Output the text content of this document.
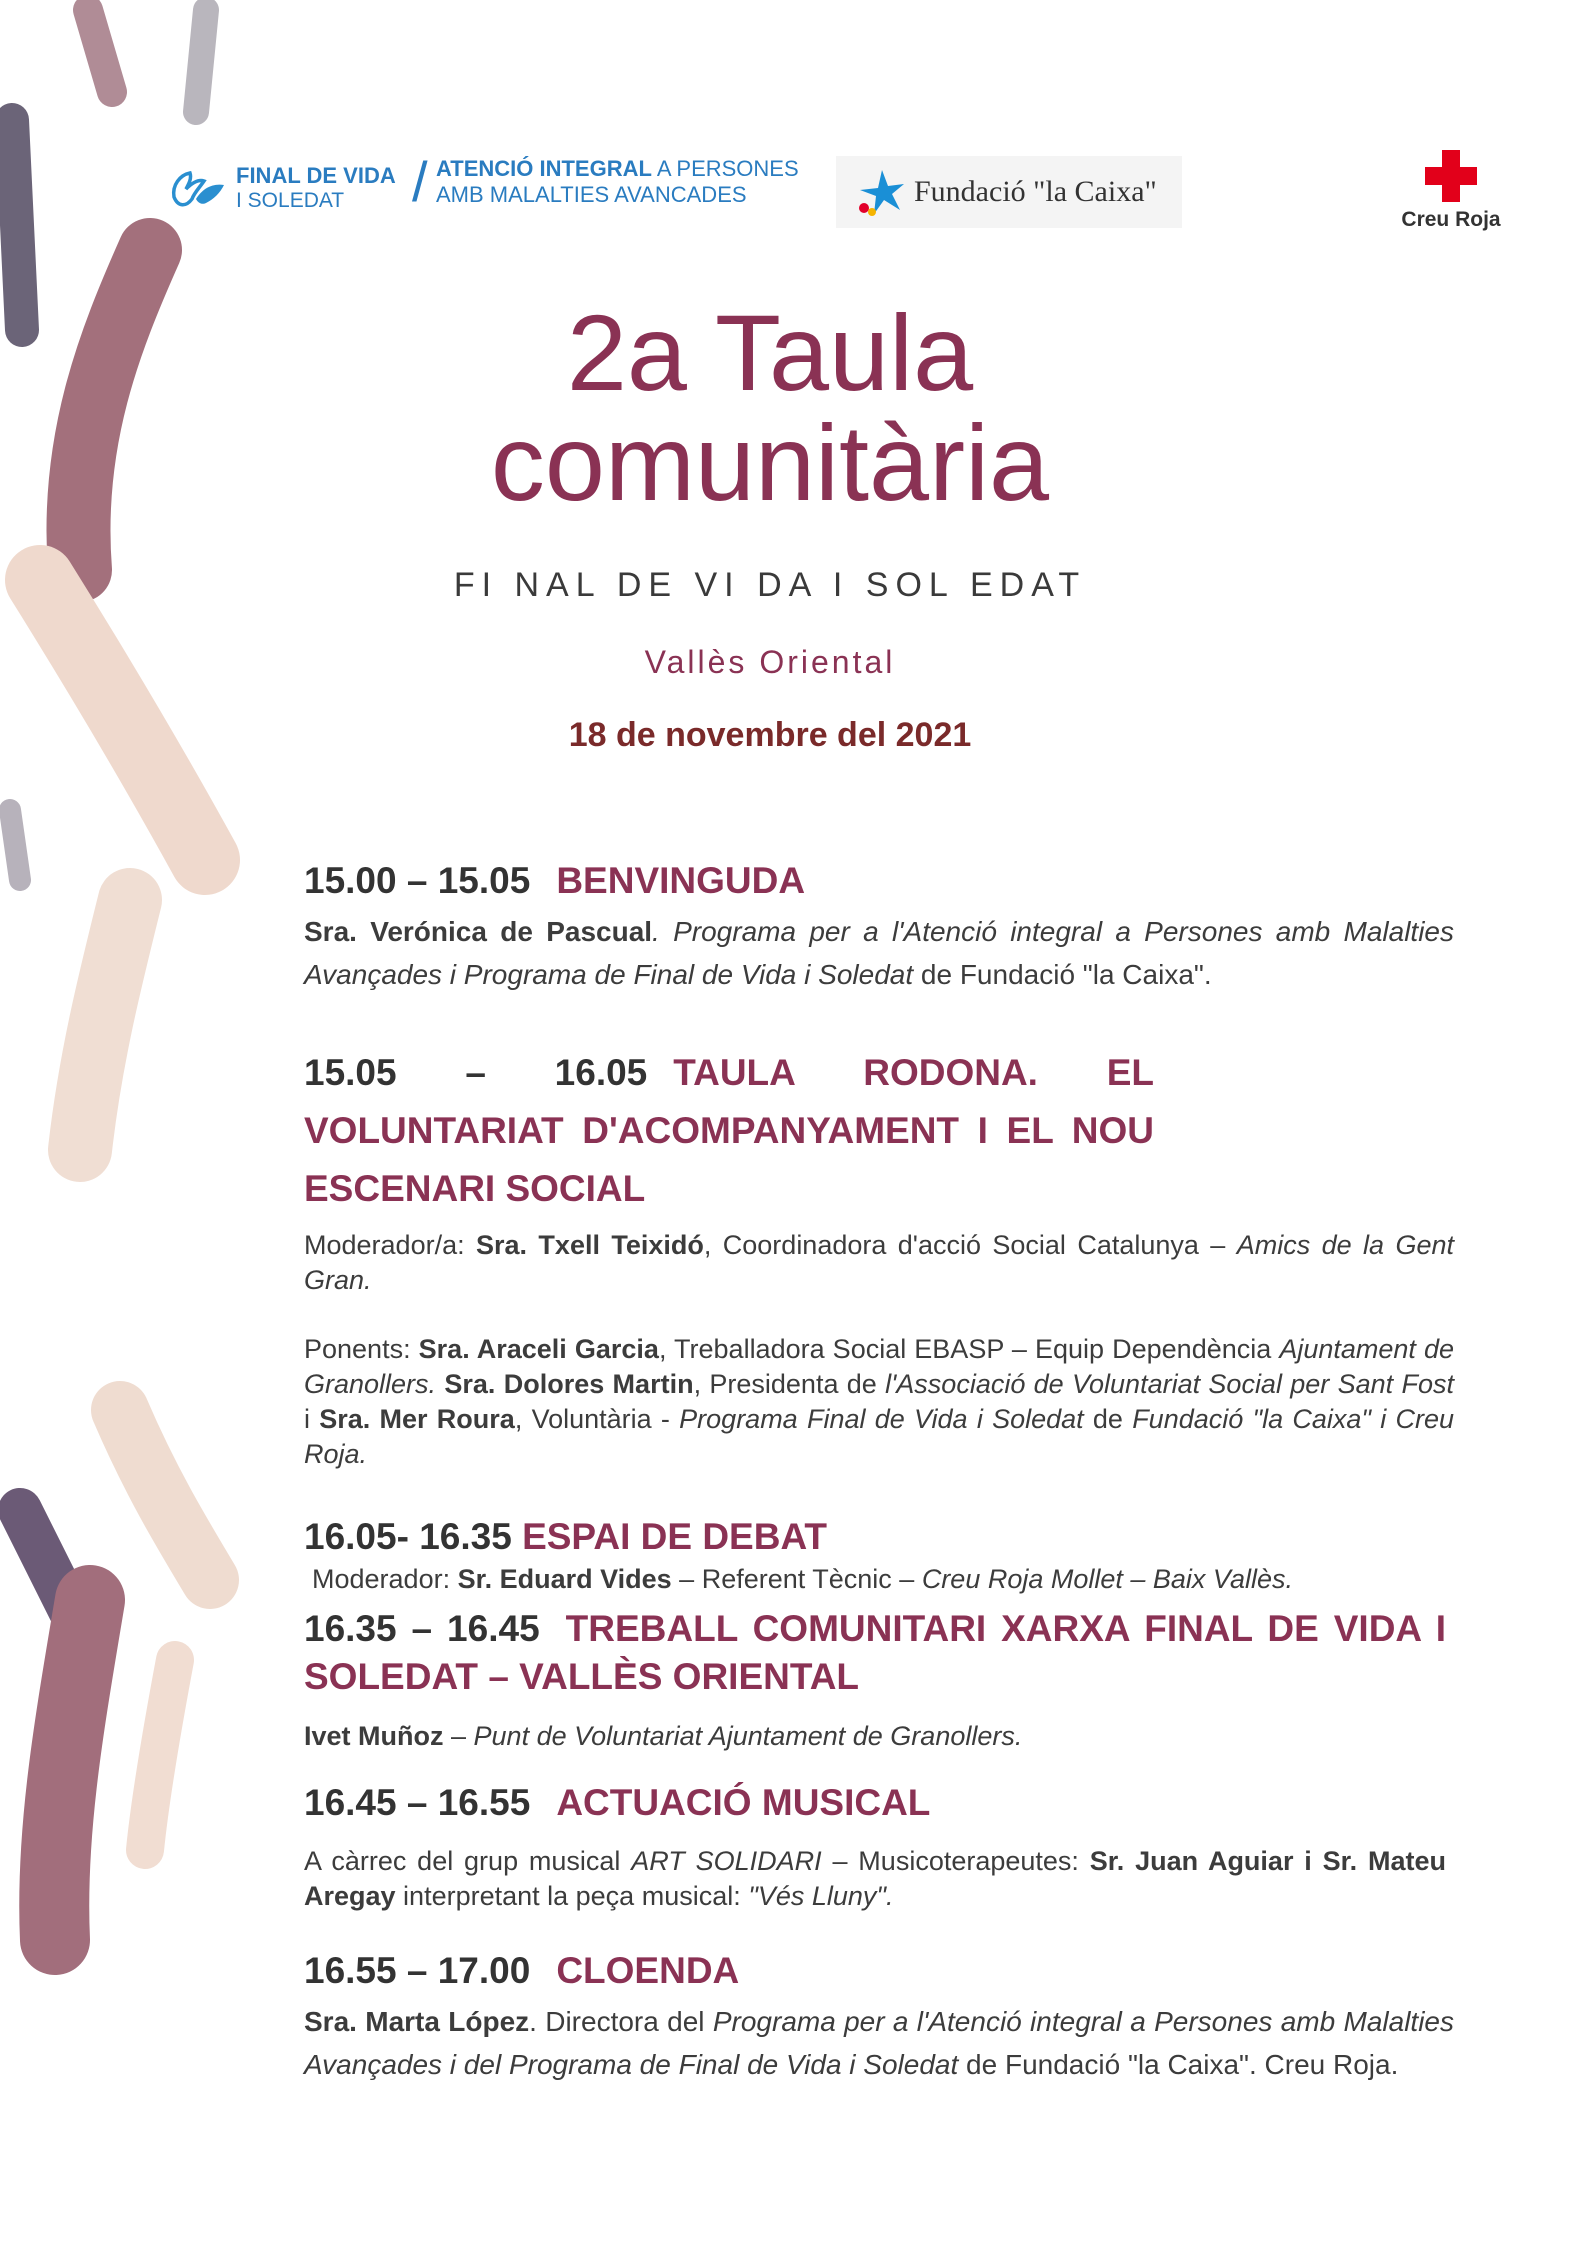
FINAL DE VIDA
I SOLEDAT	/ ATENCIÓ INTEGRAL A PERSONES
AMB MALALTIES AVANCADES	Fundació "la Caixa"
Creu Roja
2a Taula
comunitària
FI NAL DE VI DA I SOL EDAT
Vallès Oriental
18 de novembre del 2021
15.00 – 15.05 BENVINGUDA
Sra. Verónica de Pascual. Programa per a l'Atenció integral a Persones amb Malalties Avançades i Programa de Final de Vida i Soledat de Fundació "la Caixa".
15.05 – 16.05 TAULA RODONA. EL VOLUNTARIAT D'ACOMPANYAMENT I EL NOU ESCENARI SOCIAL
Moderador/a: Sra. Txell Teixidó, Coordinadora d'acció Social Catalunya – Amics de la Gent Gran.
Ponents: Sra. Araceli Garcia, Treballadora Social EBASP – Equip Dependència Ajuntament de Granollers. Sra. Dolores Martin, Presidenta de l'Associació de Voluntariat Social per Sant Fost i Sra. Mer Roura, Voluntària - Programa Final de Vida i Soledat de Fundació "la Caixa" i Creu Roja.
16.05- 16.35 ESPAI DE DEBAT
Moderador: Sr. Eduard Vides – Referent Tècnic – Creu Roja Mollet – Baix Vallès.
16.35 – 16.45 TREBALL COMUNITARI XARXA FINAL DE VIDA I SOLEDAT – VALLÈS ORIENTAL
Ivet Muñoz – Punt de Voluntariat Ajuntament de Granollers.
16.45 – 16.55 ACTUACIÓ MUSICAL
A càrrec del grup musical ART SOLIDARI – Musicoterapeutes: Sr. Juan Aguiar i Sr. Mateu Aregay interpretant la peça musical: "Vés Lluny".
16.55 – 17.00 CLOENDA
Sra. Marta López. Directora del Programa per a l'Atenció integral a Persones amb Malalties Avançades i del Programa de Final de Vida i Soledat de Fundació "la Caixa". Creu Roja.
